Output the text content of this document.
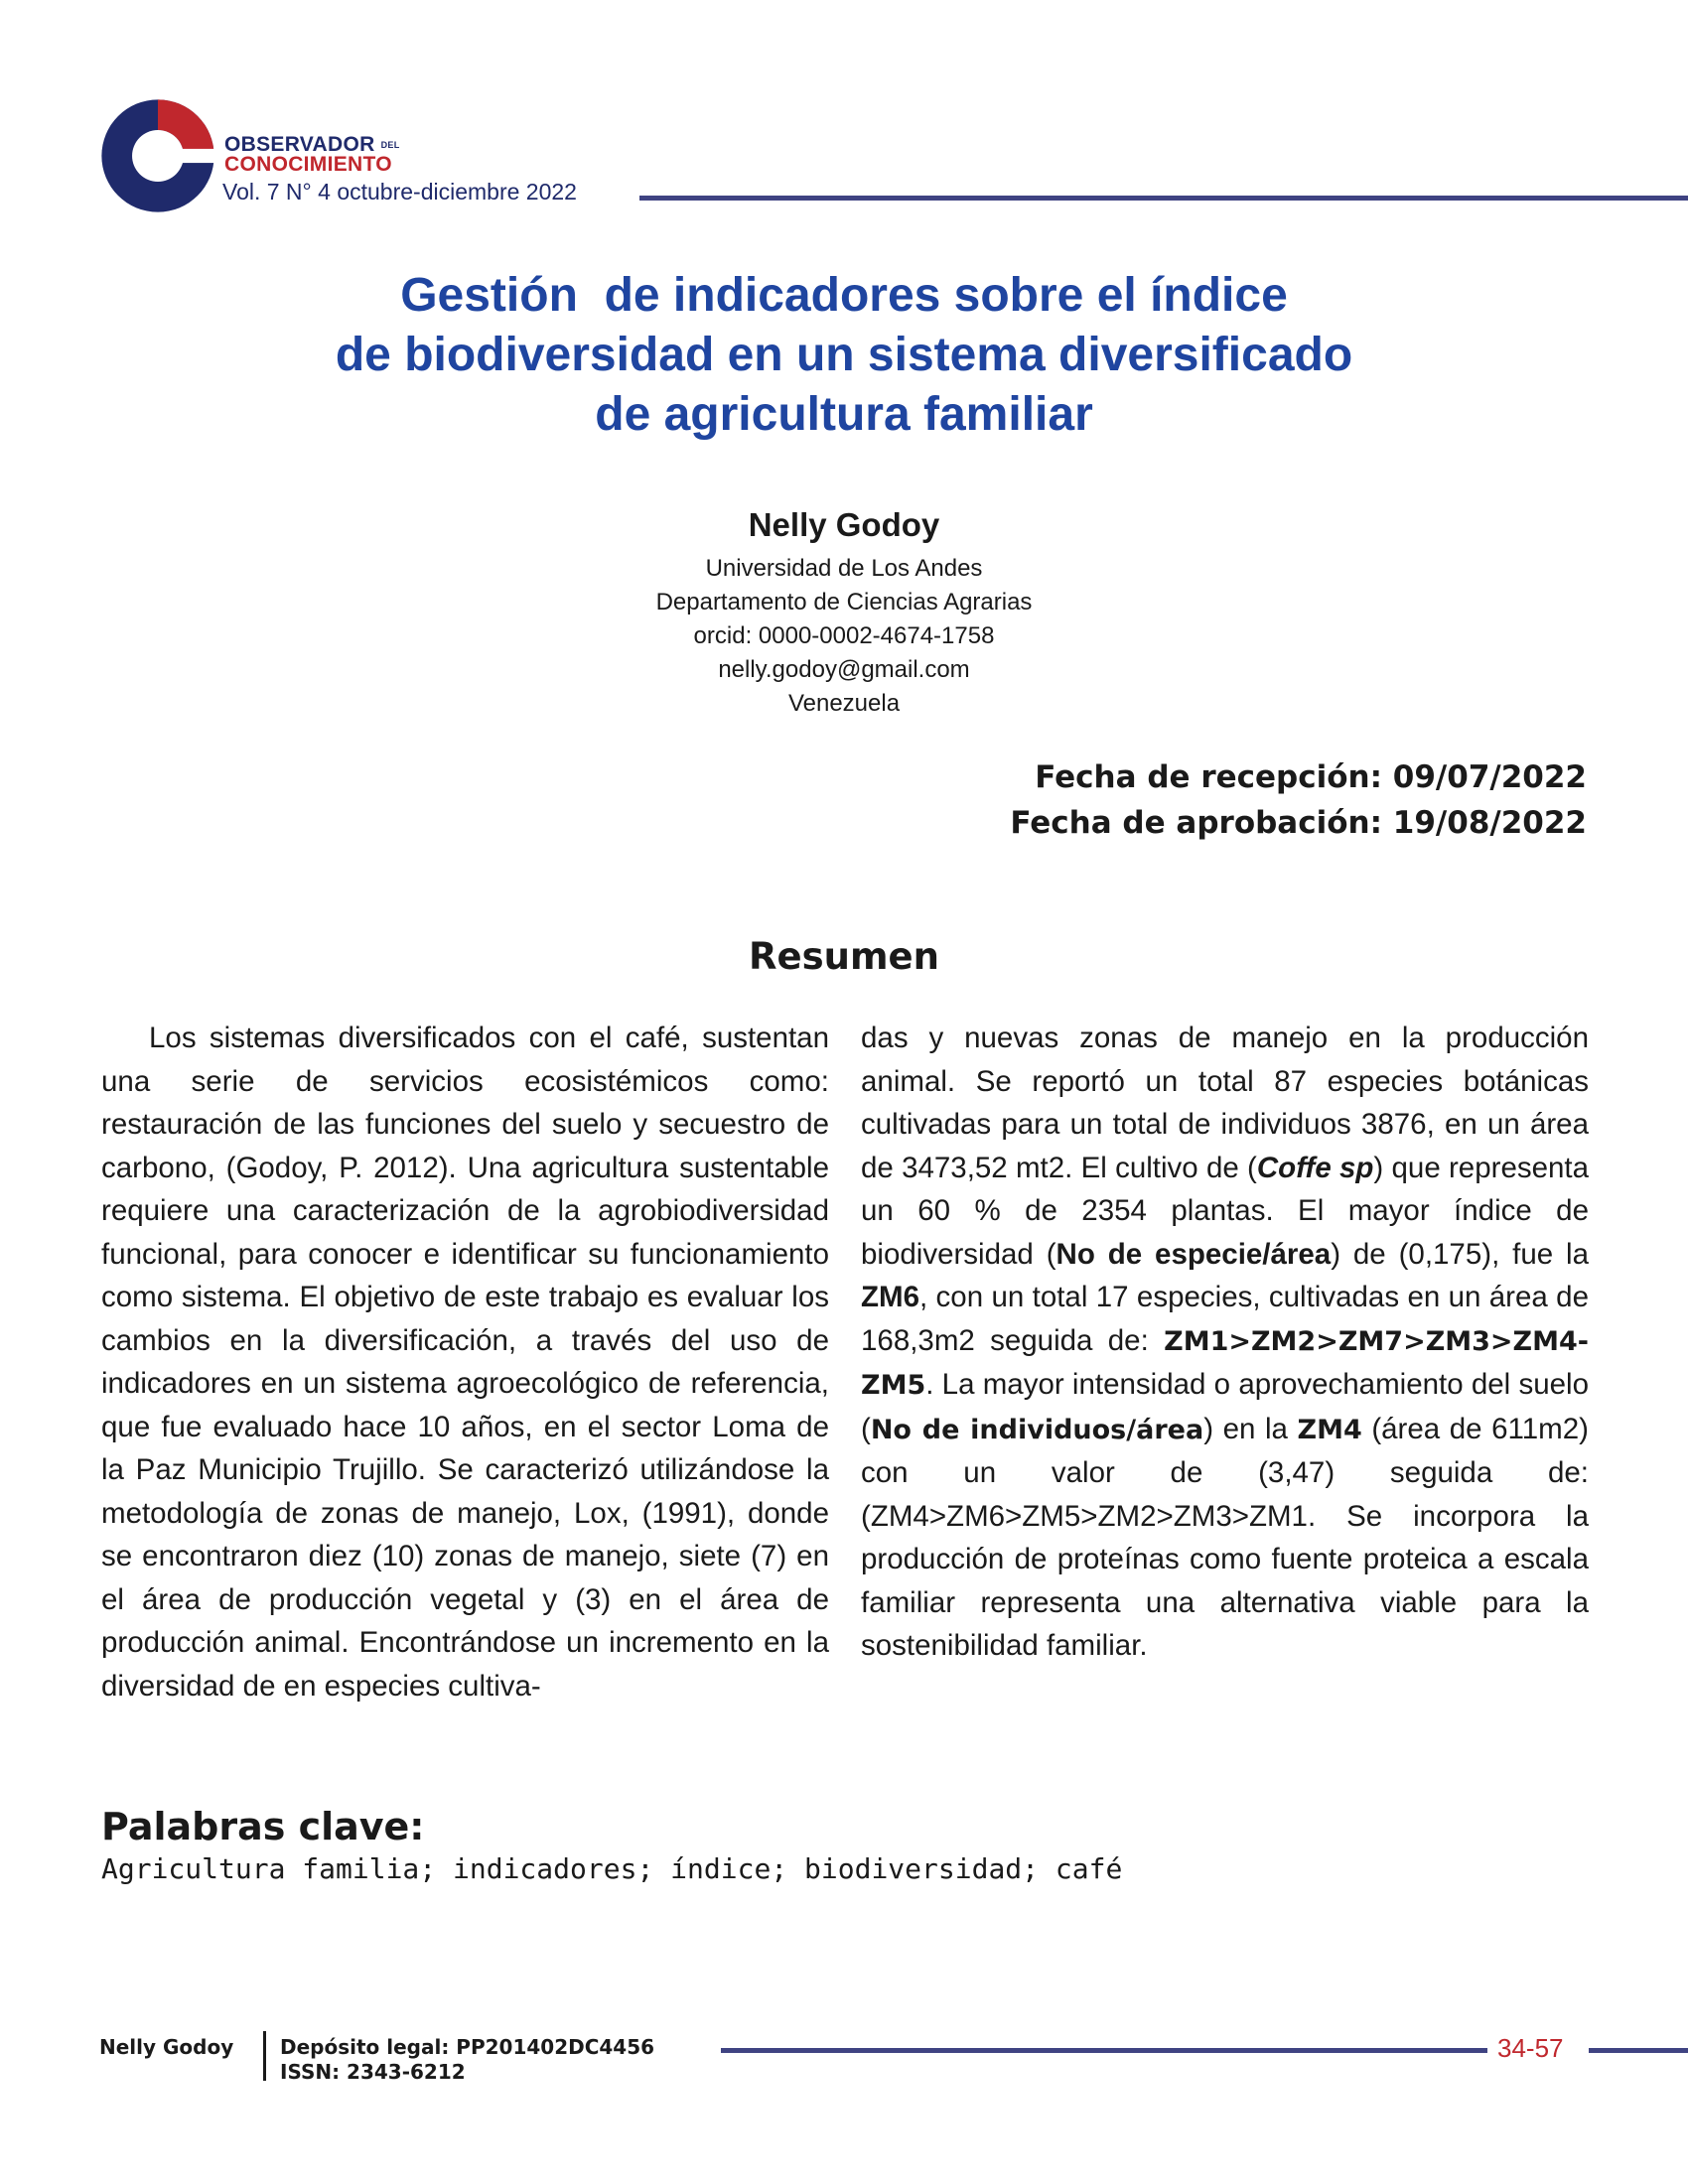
OBSERVADOR DEL
CONOCIMIENTO
Vol. 7 N° 4 octubre-diciembre 2022
Gestión  de indicadores sobre el índice
de biodiversidad en un sistema diversificado
de agricultura familiar
Nelly Godoy
Universidad de Los Andes
Departamento de Ciencias Agrarias
orcid: 0000-0002-4674-1758
nelly.godoy@gmail.com
Venezuela
Fecha de recepción: 09/07/2022
Fecha de aprobación: 19/08/2022
Resumen
Los sistemas diversificados con el café, sustentan una serie de servicios ecosistémicos como: restauración de las funciones del suelo y secuestro de carbono, (Godoy, P. 2012). Una agricultura sustentable requiere una caracterización de la agrobiodiversidad funcional, para conocer e identificar su funcionamiento como sistema. El objetivo de este trabajo es evaluar los cambios en la diversificación, a través del uso de indicadores en un sistema agroecológico de referencia, que fue evaluado hace 10 años, en el sector Loma de la Paz Municipio Trujillo. Se caracterizó utilizándose la metodología de zonas de manejo, Lox, (1991), donde se encontraron diez (10) zonas de manejo, siete (7) en el área de producción vegetal y (3) en el área de producción animal. Encontrándose un incremento en la diversidad de en especies cultiva-
das y nuevas zonas de manejo en la producción animal. Se reportó un total 87 especies botánicas cultivadas para un total de individuos 3876, en un área de 3473,52 mt2. El cultivo de (Coffe sp) que representa un 60 % de 2354 plantas. El mayor índice de biodiversidad (No de especie/área) de (0,175), fue la ZM6, con un total 17 especies, cultivadas en un área de 168,3m2 seguida de: ZM1>ZM2>ZM7>ZM3>ZM4-ZM5. La mayor intensidad o aprovechamiento del suelo (No de individuos/área) en la ZM4 (área de 611m2) con un valor de (3,47) seguida de: (ZM4>ZM6>ZM5>ZM2>ZM3>ZM1. Se incorpora la producción de proteínas como fuente proteica a escala familiar representa una alternativa viable para la sostenibilidad familiar.
Palabras clave:
Agricultura familia; indicadores; índice; biodiversidad; café
Nelly Godoy Depósito legal: PP201402DC4456
ISSN: 2343-6212
34-57
